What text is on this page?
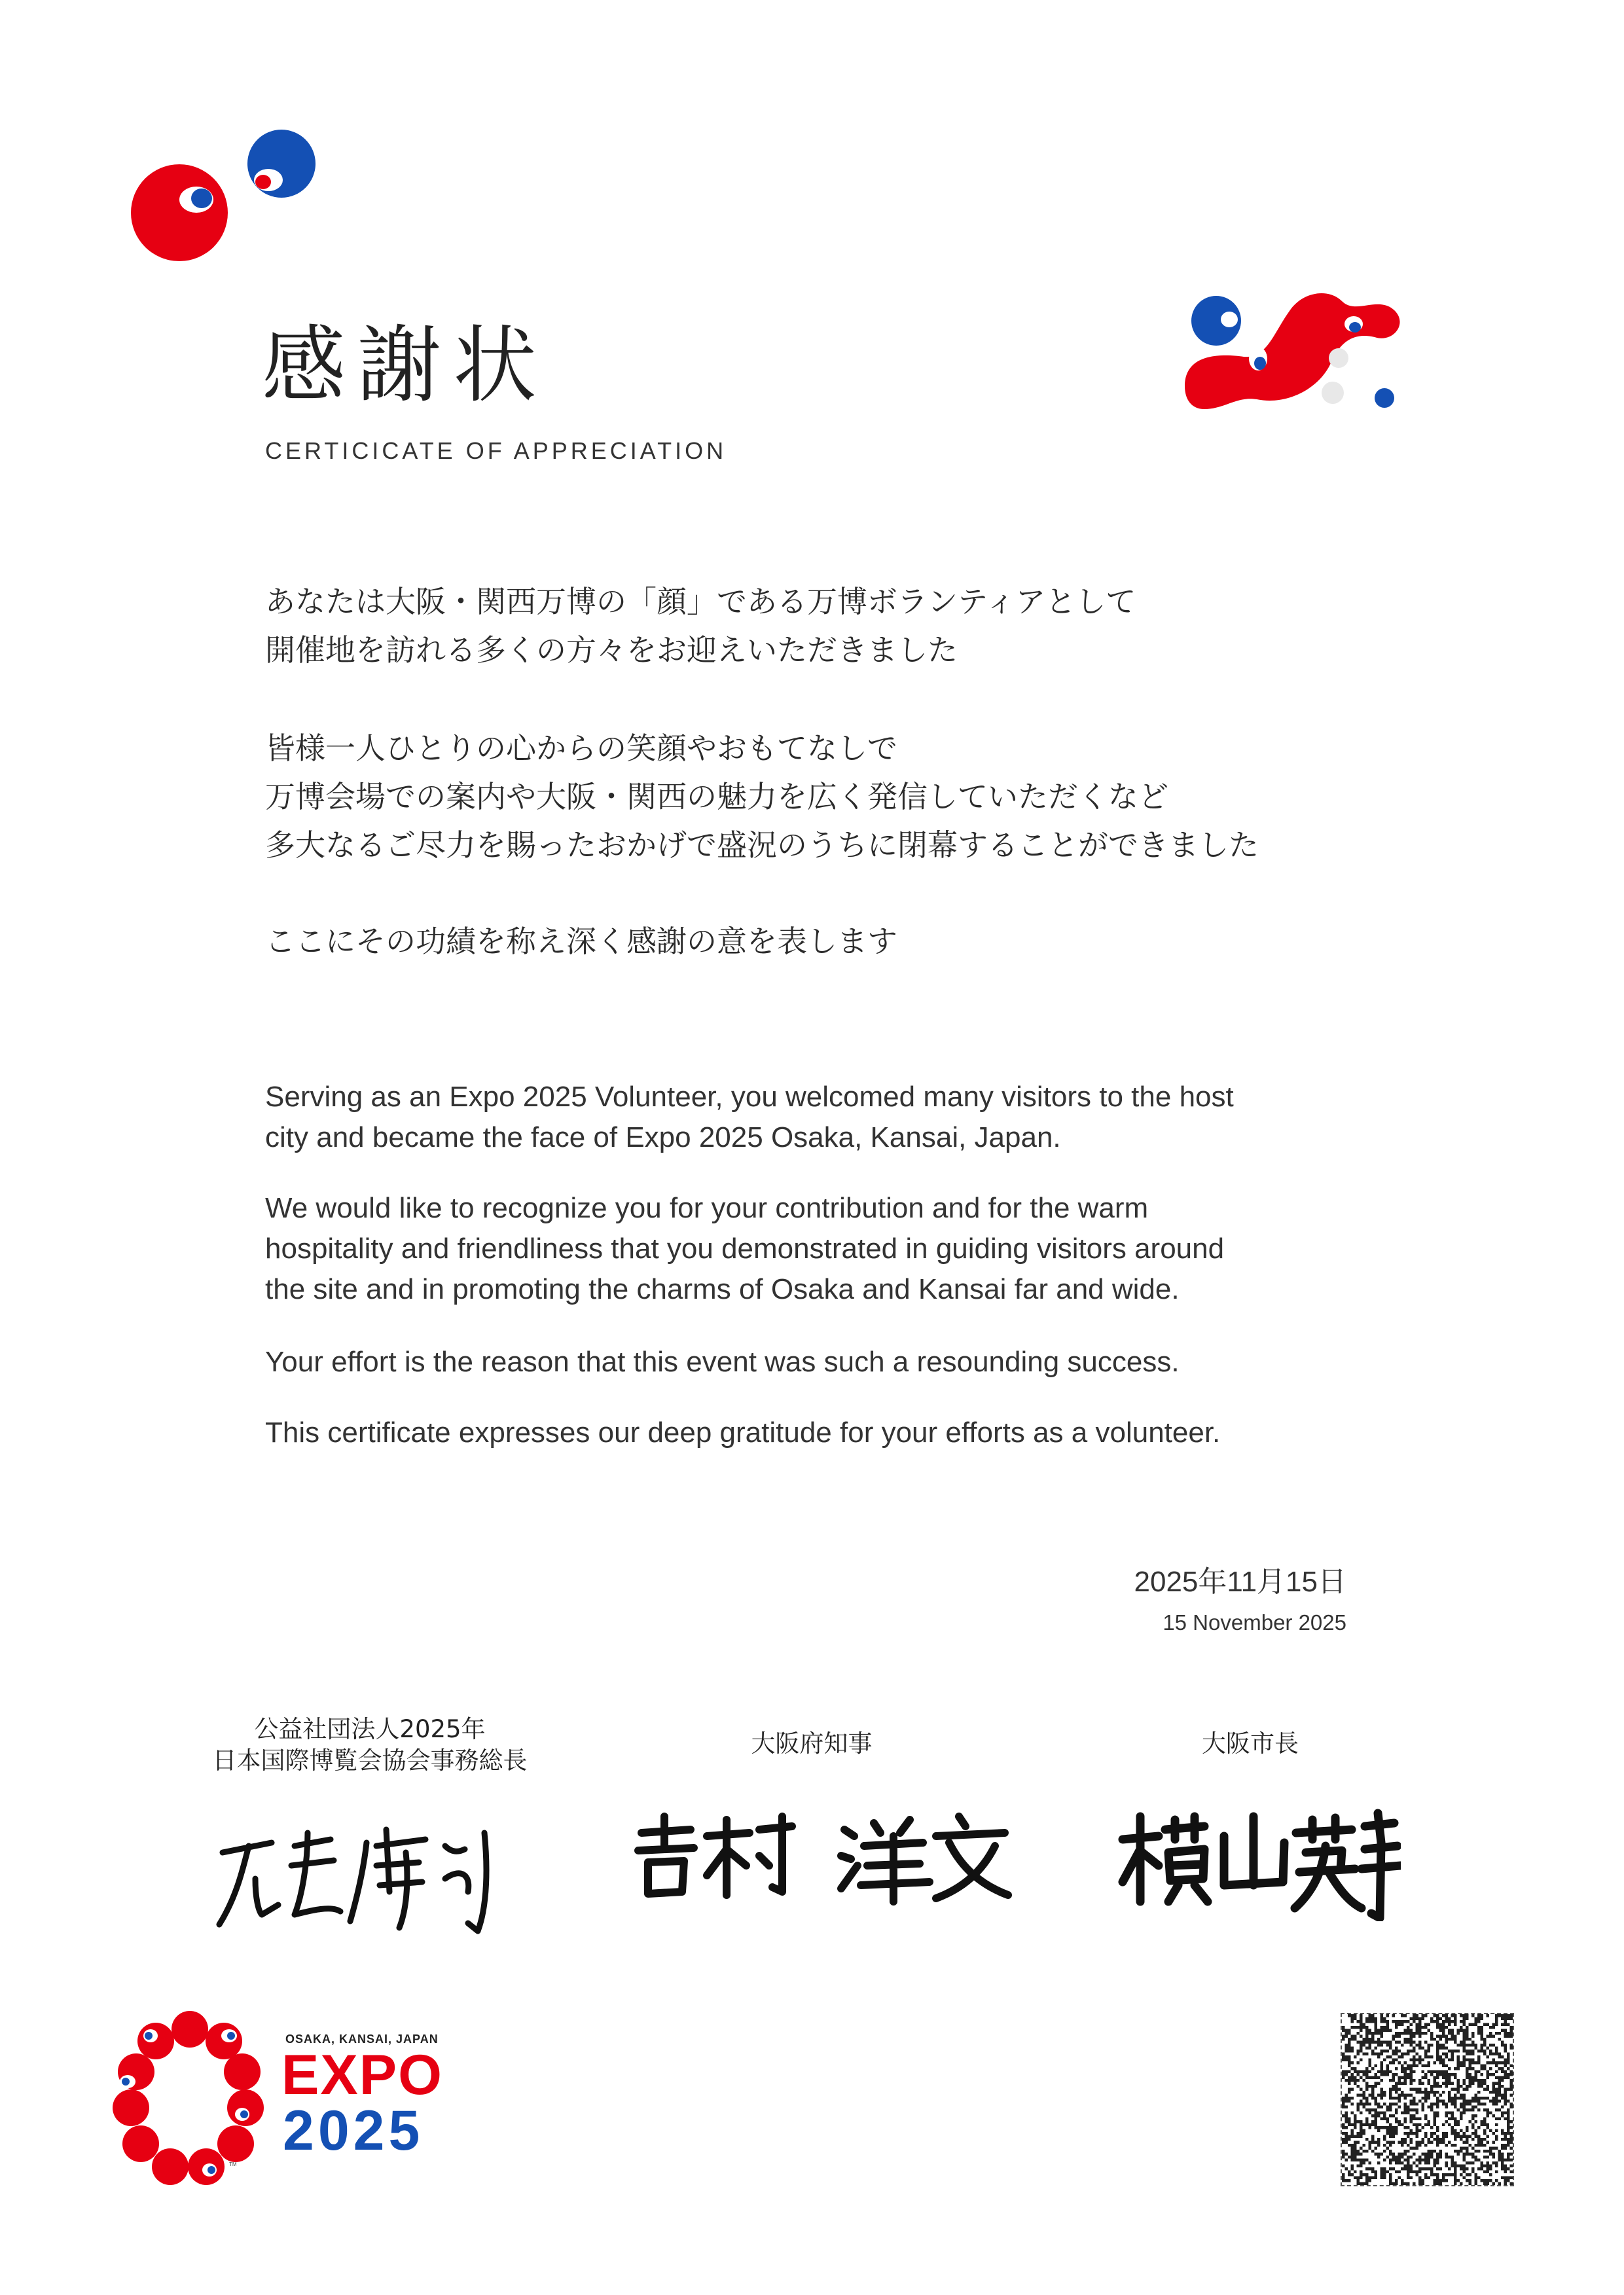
感謝状
CERTICICATE OF APPRECIATION
あなたは大阪・関西万博の「顔」である万博ボランティアとして
開催地を訪れる多くの方々をお迎えいただきました
皆様一人ひとりの心からの笑顔やおもてなしで
万博会場での案内や大阪・関西の魅力を広く発信していただくなど
多大なるご尽力を賜ったおかげで盛況のうちに閉幕することができました
ここにその功績を称え深く感謝の意を表します
Serving as an Expo 2025 Volunteer, you welcomed many visitors to the host
city and became the face of Expo 2025 Osaka, Kansai, Japan.
We would like to recognize you for your contribution and for the warm
hospitality and friendliness that you demonstrated in guiding visitors around
the site and in promoting the charms of Osaka and Kansai far and wide.
Your effort is the reason that this event was such a resounding success.
This certificate expresses our deep gratitude for your efforts as a volunteer.
2025年11月15日
15 November 2025
公益社団法人2025年
日本国際博覧会協会事務総長
大阪府知事	大阪市長
OSAKA, KANSAI, JAPAN
EXPO
2025
TM
